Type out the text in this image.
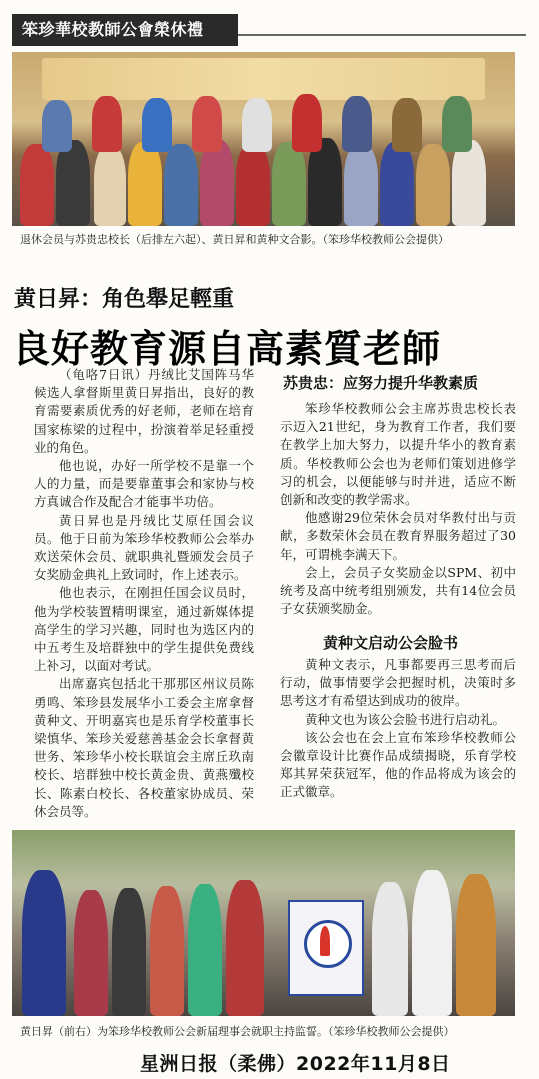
笨珍華校教師公會榮休禮
退休会员与苏贵忠校长（后排左六起）、黄日昇和黄种文合影。（笨珍华校教师公会提供）
黄日昇：角色舉足輕重
良好教育源自高素質老師

（龟咯7日讯）丹绒比艾国阵马华候选人拿督斯里黄日昇指出，良好的教育需要素质优秀的好老师，老师在培育国家栋梁的过程中，扮演着举足轻重授业的角色。

他也说，办好一所学校不是靠一个人的力量，而是要靠董事会和家协与校方真诚合作及配合才能事半功倍。

黄日昇也是丹绒比艾原任国会议员。他于日前为笨珍华校教师公会举办欢送荣休会员、就职典礼暨颁发会员子女奖励金典礼上致词时，作上述表示。

他也表示，在刚担任国会议员时，他为学校装置精明课室，通过新媒体提高学生的学习兴趣，同时也为选区内的中五考生及培群独中的学生提供免费线上补习，以面对考试。

出席嘉宾包括北干那那区州议员陈勇鸣、笨珍县发展华小工委会主席拿督黄种文、开明嘉宾也是乐育学校董事长梁慎华、笨珍关爱慈善基金会长拿督黄世务、笨珍华小校长联谊会主席丘玖南校长、培群独中校长黄金贵、黄燕殲校长、陈素白校长、各校董家协成员、荣休会员等。

苏贵忠：应努力提升华教素质

笨珍华校教师公会主席苏贵忠校长表示迈入21世纪，身为教育工作者，我们要在教学上加大努力，以提升华小的教育素质。华校教师公会也为老师们策划进修学习的机会，以便能够与时并进，适应不断创新和改变的教学需求。

他感谢29位荣休会员对华教付出与贡献，多数荣休会员在教育界服务超过了30年，可谓桃李满天下。

会上，会员子女奖励金以SPM、初中统考及高中统考组别颁发，共有14位会员子女获颁奖励金。

黄种文启动公会脸书

黄种文表示，凡事都要再三思考而后行动，做事情要学会把握时机，决策时多思考这才有希望达到成功的彼岸。

黄种文也为该公会脸书进行启动礼。

该公会也在会上宣布笨珍华校教师公会徽章设计比赛作品成绩揭晓，乐育学校郑其昇荣获冠军，他的作品将成为该会的正式徽章。

黄日昇（前右）为笨珍华校教师公会新届理事会就职主持监誓。（笨珍华校教师公会提供）
星洲日报（柔佛）2022年11月8日
